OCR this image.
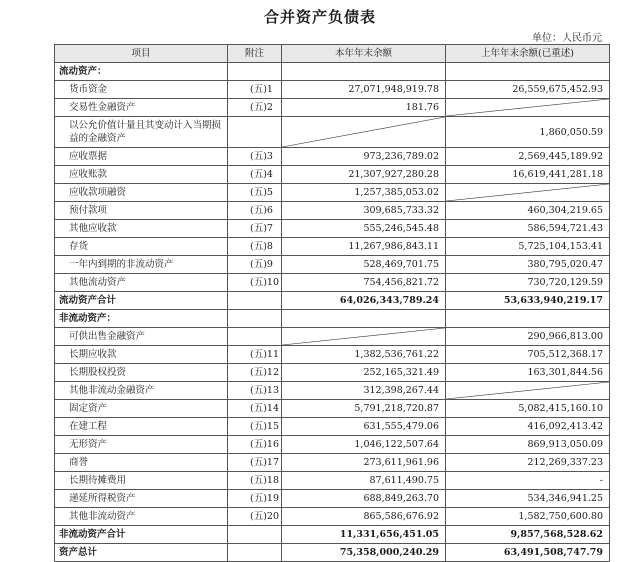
合并资产负债表
单位：人民币元
项目	附注	本年年末余额	上年年末余额(已重述)
流动资产：			
货币资金	(五)1	27,071,948,919.78	26,559,675,452.93
交易性金融资产	(五)2	181.76	

以公允价值计量且其变动计入当期损益的金融资产			1,860,050.59
应收票据	(五)3	973,236,789.02	2,569,445,189.92
应收账款	(五)4	21,307,927,280.28	16,619,441,281.18
应收款项融资	(五)5	1,257,385,053.02	

预付款项	(五)6	309,685,733.32	460,304,219.65
其他应收款	(五)7	555,246,545.48	586,594,721.43
存货	(五)8	11,267,986,843.11	5,725,104,153.41
一年内到期的非流动资产	(五)9	528,469,701.75	380,795,020.47
其他流动资产	(五)10	754,456,821.72	730,720,129.59
流动资产合计		64,026,343,789.24	53,633,940,219.17
非流动资产：			
可供出售金融资产			290,966,813.00
长期应收款	(五)11	1,382,536,761.22	705,512,368.17
长期股权投资	(五)12	252,165,321.49	163,301,844.56
其他非流动金融资产	(五)13	312,398,267.44	

固定资产	(五)14	5,791,218,720.87	5,082,415,160.10
在建工程	(五)15	631,555,479.06	416,092,413.42
无形资产	(五)16	1,046,122,507.64	869,913,050.09
商誉	(五)17	273,611,961.96	212,269,337.23
长期待摊费用	(五)18	87,611,490.75	-
递延所得税资产	(五)19	688,849,263.70	534,346,941.25
其他非流动资产	(五)20	865,586,676.92	1,582,750,600.80
非流动资产合计		11,331,656,451.05	9,857,568,528.62
资产总计		75,358,000,240.29	63,491,508,747.79
